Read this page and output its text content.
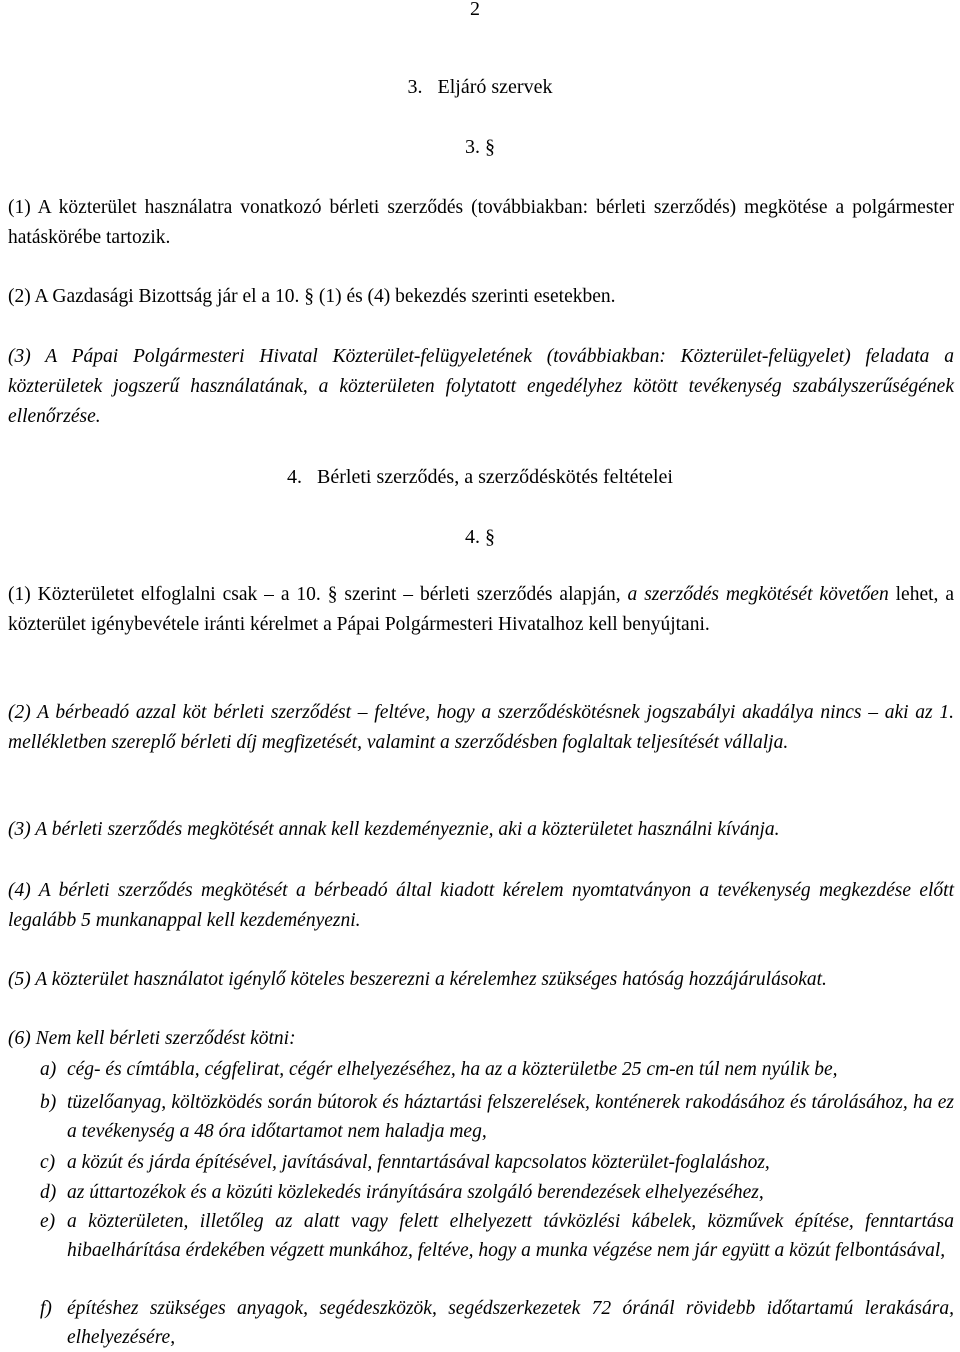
2
3.   Eljáró szervek
3. §

(1) A közterület használatra vonatkozó bérleti szerződés (továbbiakban: bérleti szerződés) megkötése a polgármester hatáskörébe tartozik.

(2) A Gazdasági Bizottság jár el a 10. § (1) és (4) bekezdés szerinti esetekben.

(3) A Pápai Polgármesteri Hivatal Közterület-felügyeletének (továbbiakban: Közterület-felügyelet) feladata a közterületek jogszerű használatának, a közterületen folytatott engedélyhez kötött tevékenység szabályszerűségének ellenőrzése.

4.   Bérleti szerződés, a szerződéskötés feltételei
4. §

(1) Közterületet elfoglalni csak – a 10. § szerint – bérleti szerződés alapján, a szerződés megkötését követően lehet, a közterület igénybevétele iránti kérelmet a Pápai Polgármesteri Hivatalhoz kell benyújtani.

(2) A bérbeadó azzal köt bérleti szerződést – feltéve, hogy a szerződéskötésnek jogszabályi akadálya nincs – aki az 1. mellékletben szereplő bérleti díj megfizetését, valamint a szerződésben foglaltak teljesítését vállalja.

(3) A bérleti szerződés megkötését annak kell kezdeményeznie, aki a közterületet használni kívánja.

(4) A bérleti szerződés megkötését a bérbeadó által kiadott kérelem nyomtatványon a tevékenység megkezdése előtt legalább 5 munkanappal kell kezdeményezni.

(5) A közterület használatot igénylő köteles beszerezni a kérelemhez szükséges hatóság hozzájárulásokat.

(6) Nem kell bérleti szerződést kötni:

a) cég- és címtábla, cégfelirat, cégér elhelyezéséhez, ha az a közterületbe 25 cm-en túl nem nyúlik be,
b) tüzelőanyag, költözködés során bútorok és háztartási felszerelések, konténerek rakodásához és tárolásához, ha ez a tevékenység a 48 óra időtartamot nem haladja meg,
c) a közút és járda építésével, javításával, fenntartásával kapcsolatos közterület-foglaláshoz,
d) az úttartozékok és a közúti közlekedés irányítására szolgáló berendezések elhelyezéséhez,
e) a közterületen, illetőleg az alatt vagy felett elhelyezett távközlési kábelek, közművek építése, fenntartása hibaelhárítása érdekében végzett munkához, feltéve, hogy a munka végzése nem jár együtt a közút felbontásával,
f) építéshez szükséges anyagok, segédeszközök, segédszerkezetek 72 óránál rövidebb időtartamú lerakására, elhelyezésére,
